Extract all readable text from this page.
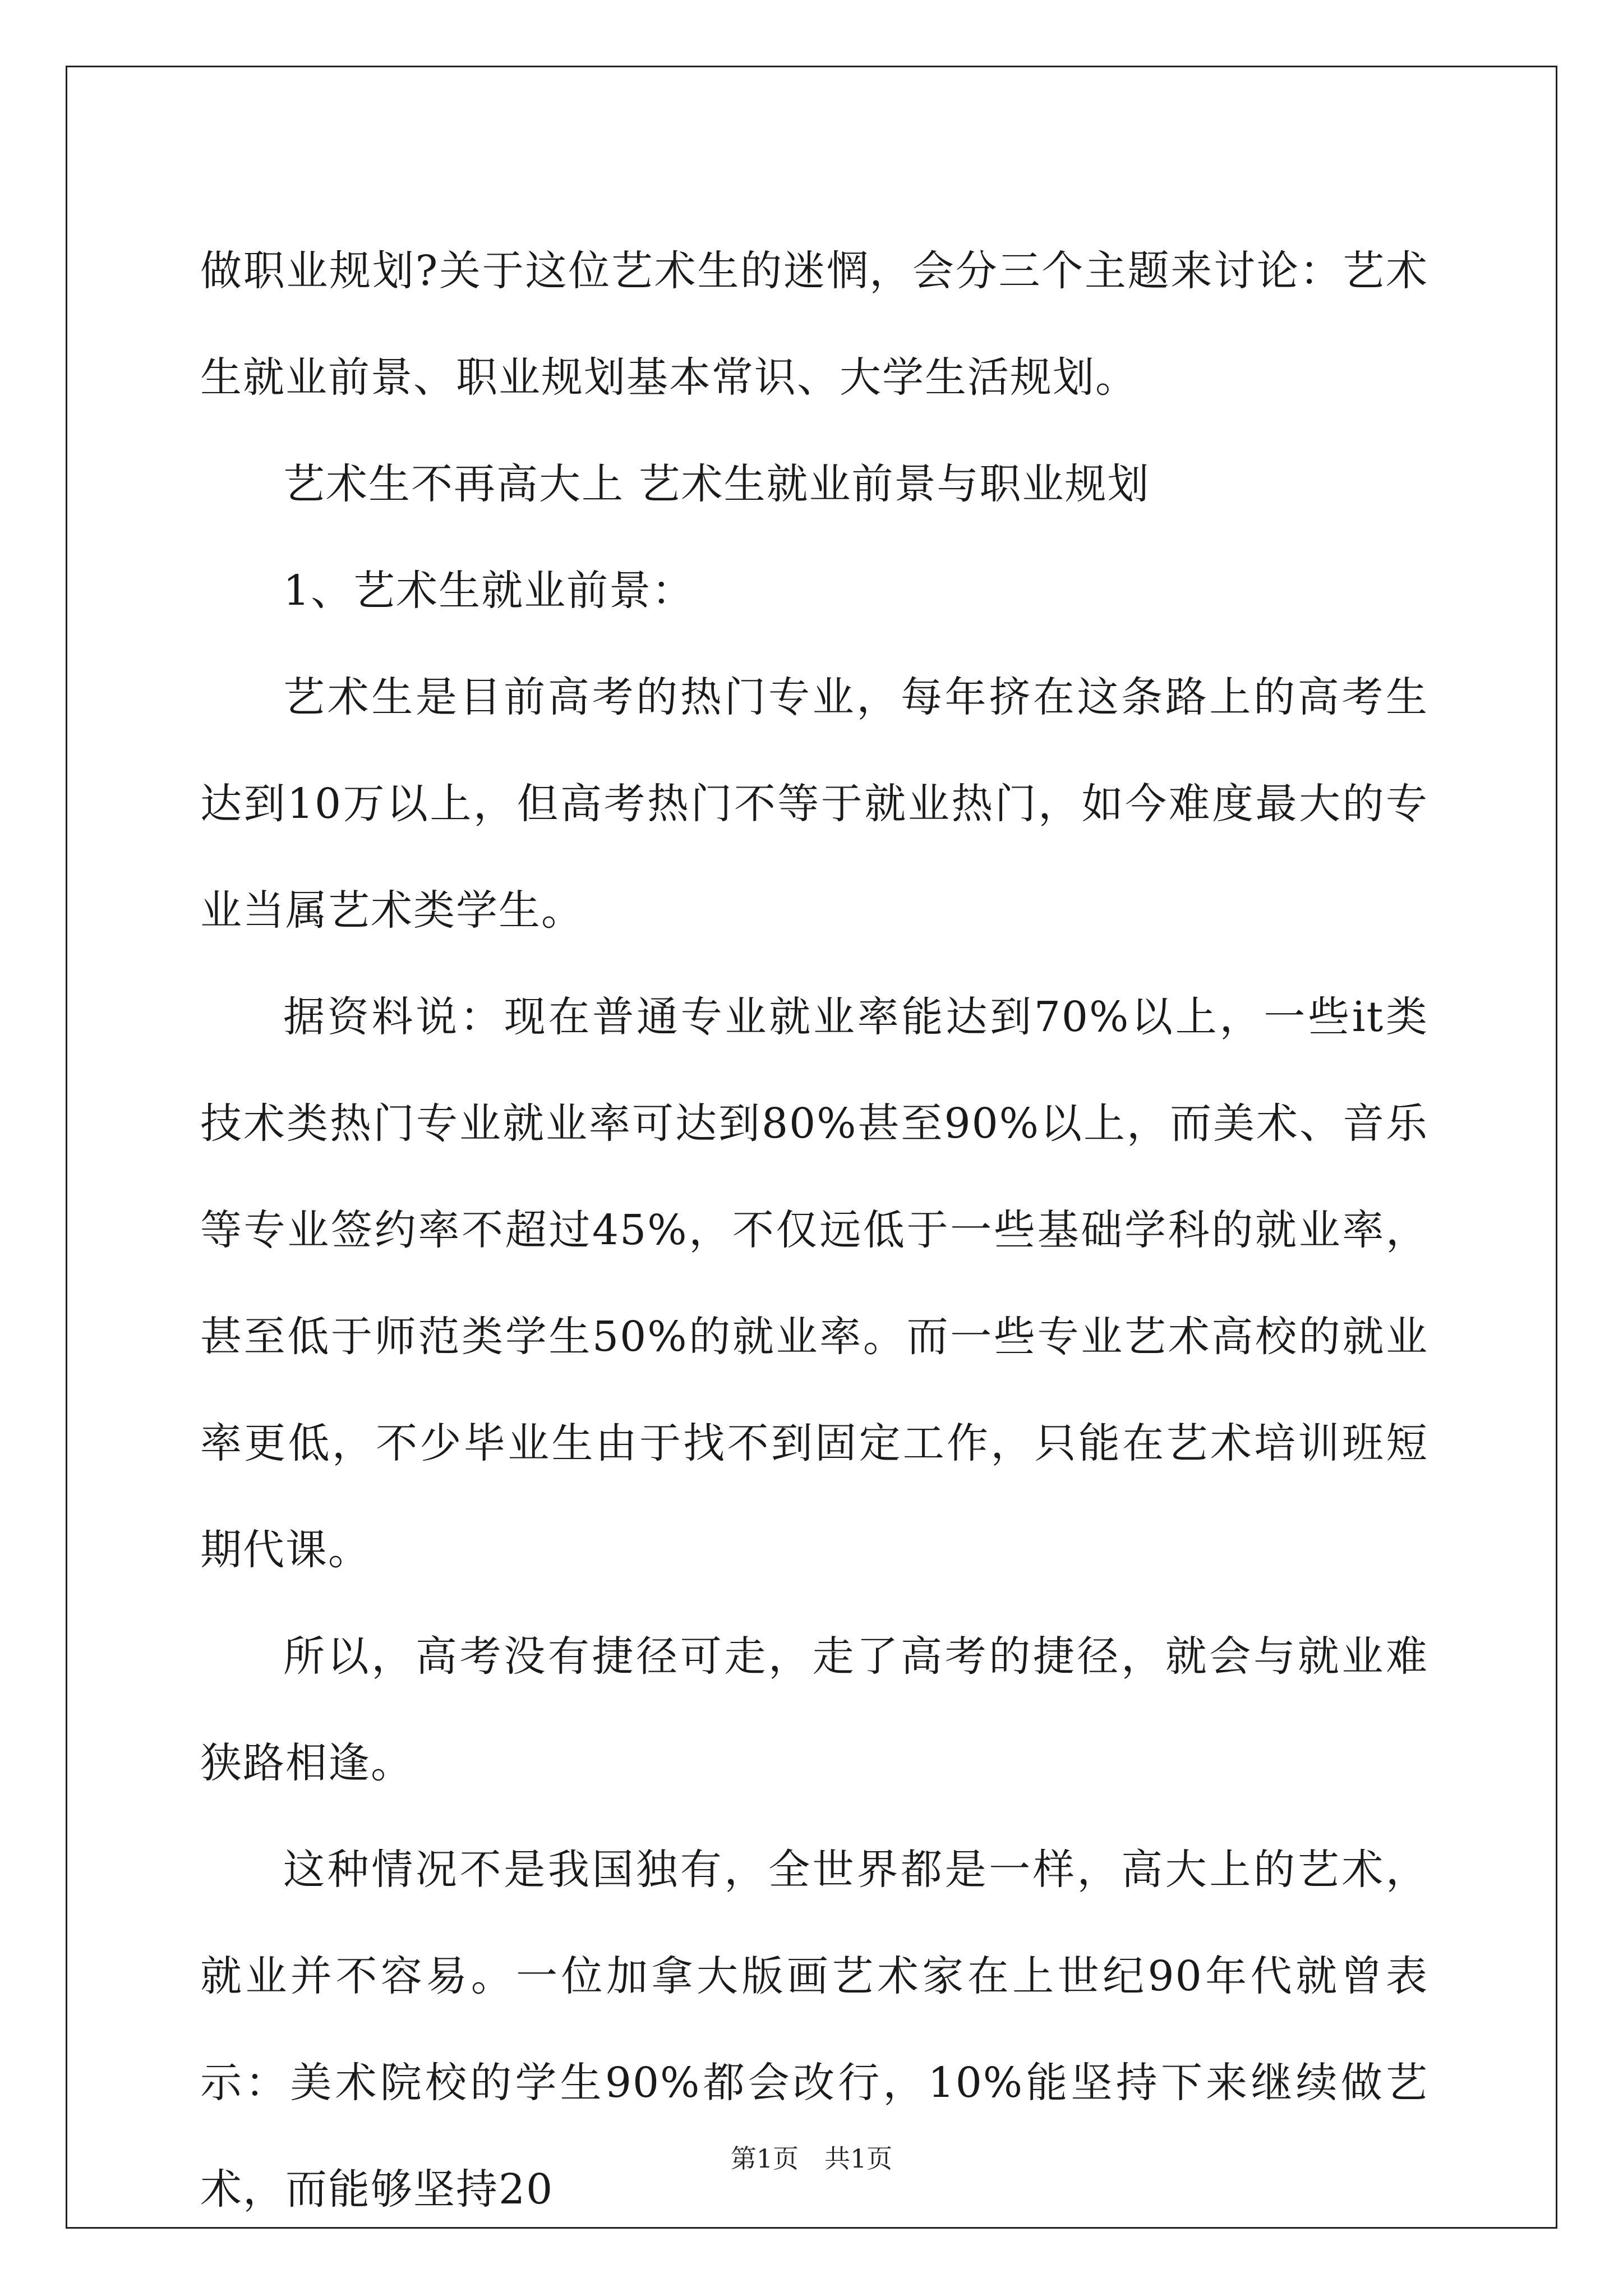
做职业规划?关于这位艺术生的迷惘，会分三个主题来讨论：艺术生就业前景、职业规划基本常识、大学生活规划。

艺术生不再高大上 艺术生就业前景与职业规划

1、艺术生就业前景：

艺术生是目前高考的热门专业，每年挤在这条路上的高考生达到10万以上，但高考热门不等于就业热门，如今难度最大的专业当属艺术类学生。

据资料说：现在普通专业就业率能达到70%以上，一些it类技术类热门专业就业率可达到80%甚至90%以上，而美术、音乐等专业签约率不超过45%，不仅远低于一些基础学科的就业率，甚至低于师范类学生50%的就业率。而一些专业艺术高校的就业率更低，不少毕业生由于找不到固定工作，只能在艺术培训班短期代课。

所以，高考没有捷径可走，走了高考的捷径，就会与就业难狭路相逢。

这种情况不是我国独有，全世界都是一样，高大上的艺术，就业并不容易。一位加拿大版画艺术家在上世纪90年代就曾表示：美术院校的学生90%都会改行，10%能坚持下来继续做艺术，而能够坚持20

第1页 共1页
